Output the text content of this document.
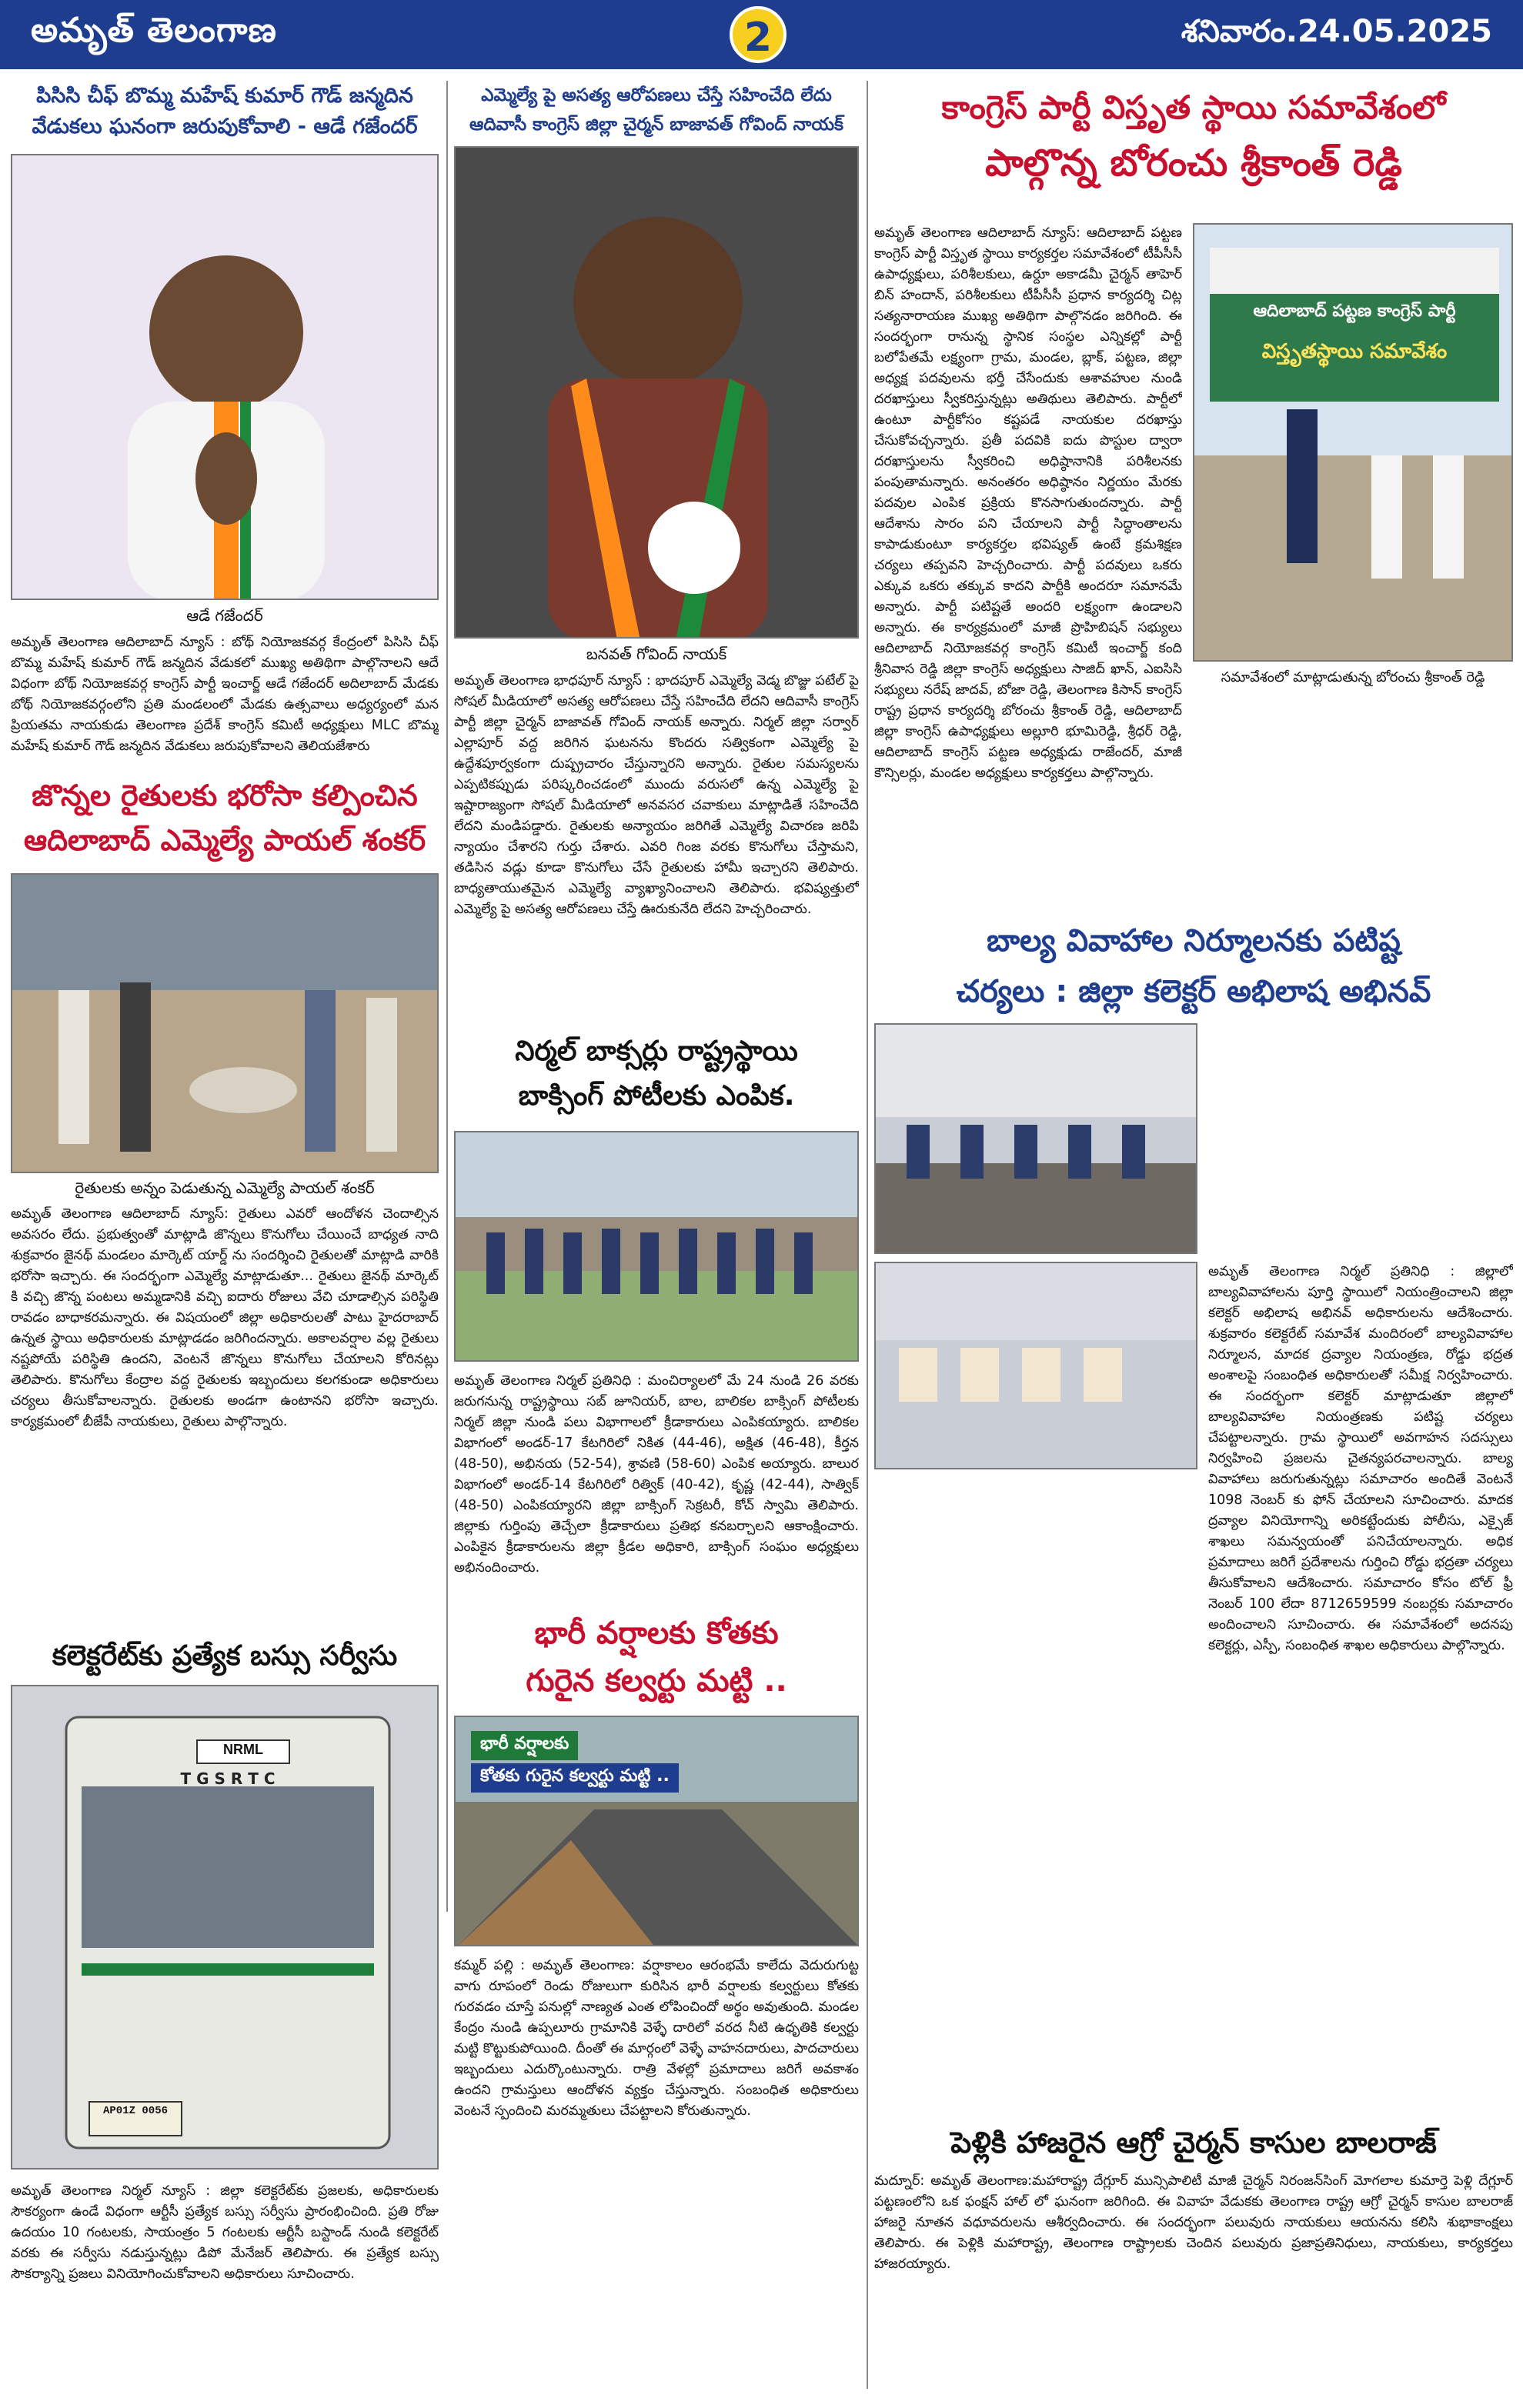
అమృత్ తెలంగాణ	2	శనివారం.24.05.2025
పిసిసి చీఫ్ బొమ్మ మహేష్ కుమార్ గౌడ్ జన్మదిన
వేడుకలు ఘనంగా జరుపుకోవాలి - ఆడే గజేందర్
ఆడే గజేందర్
అమృత్ తెలంగాణ ఆదిలాబాద్ న్యూస్ : బోథ్ నియోజకవర్గ కేంద్రంలో పిసిసి చీఫ్ బొమ్మ మహేష్ కుమార్ గౌడ్ జన్మదిన వేడుకలో ముఖ్య అతిథిగా పాల్గొనాలని ఆదే విధంగా బోథ్ నియోజకవర్గ కాంగ్రెస్ పార్టీ ఇంచార్జ్ ఆడే గజేందర్ అదిలాబాద్ మేడకు బోథ్ నియోజకవర్గంలోని ప్రతి మండలంలో మేడకు ఉత్సవాలు అధ్యర్యంలో మన ప్రియతమ నాయకుడు తెలంగాణ ప్రదేశ్ కాంగ్రెస్ కమిటీ అధ్యక్షులు MLC బొమ్మ మహేష్ కుమార్ గౌడ్ జన్మదిన వేడుకలు జరుపుకోవాలని తెలియజేశారు
జొన్నల రైతులకు భరోసా కల్పించిన
ఆదిలాబాద్ ఎమ్మెల్యే పాయల్ శంకర్
రైతులకు అన్నం పెడుతున్న ఎమ్మెల్యే పాయల్ శంకర్
అమృత్ తెలంగాణ ఆదిలాబాద్ న్యూస్: రైతులు ఎవరో ఆందోళన చెందాల్సిన అవసరం లేదు. ప్రభుత్వంతో మాట్లాడి జొన్నలు కొనుగోలు చేయించే బాధ్యత నాది శుక్రవారం జైనథ్ మండలం మార్కెట్ యార్డ్ ను సందర్శించి రైతులతో మాట్లాడి వారికి భరోసా ఇచ్చారు. ఈ సందర్భంగా ఎమ్మెల్యే మాట్లాడుతూ... రైతులు జైనథ్ మార్కెట్ కి వచ్చి జొన్న పంటలు అమ్మడానికి వచ్చి ఐదారు రోజులు వేచి చూడాల్సిన పరిస్థితి రావడం బాధాకరమన్నారు. ఈ విషయంలో జిల్లా అధికారులతో పాటు హైదరాబాద్ ఉన్నత స్థాయి అధికారులకు మాట్లాడడం జరిగిందన్నారు. అకాలవర్షాల వల్ల రైతులు నష్టపోయే పరిస్థితి ఉందని, వెంటనే జొన్నలు కొనుగోలు చేయాలని కోరినట్లు తెలిపారు. కొనుగోలు కేంద్రాల వద్ద రైతులకు ఇబ్బందులు కలగకుండా అధికారులు చర్యలు తీసుకోవాలన్నారు. రైతులకు అండగా ఉంటానని భరోసా ఇచ్చారు. కార్యక్రమంలో బీజేపీ నాయకులు, రైతులు పాల్గొన్నారు.
కలెక్టరేట్‌కు ప్రత్యేక బస్సు సర్వీసు
NRML
T G S R T C
AP01Z 0056
అమృత్ తెలంగాణ నిర్మల్ న్యూస్ : జిల్లా కలెక్టరేట్‌కు ప్రజలకు, అధికారులకు సౌకర్యంగా ఉండే విధంగా ఆర్టీసీ ప్రత్యేక బస్సు సర్వీసు ప్రారంభించింది. ప్రతి రోజు ఉదయం 10 గంటలకు, సాయంత్రం 5 గంటలకు ఆర్టీసీ బస్టాండ్ నుండి కలెక్టరేట్ వరకు ఈ సర్వీసు నడుస్తున్నట్లు డిపో మేనేజర్ తెలిపారు. ఈ ప్రత్యేక బస్సు సౌకర్యాన్ని ప్రజలు వినియోగించుకోవాలని అధికారులు సూచించారు.
ఎమ్మెల్యే పై అసత్య ఆరోపణలు చేస్తే సహించేది లేదు
ఆదివాసీ కాంగ్రెస్ జిల్లా చైర్మన్ బాజావత్ గోవింద్ నాయక్
బనవత్ గోవింద్ నాయక్
అమృత్ తెలంగాణ భాధపూర్ న్యూస్ : భాదపూర్ ఎమ్మెల్యే వెడ్మ బొజ్జు పటేల్ పై సోషల్ మీడియాలో అసత్య ఆరోపణలు చేస్తే సహించేది లేదని ఆదివాసీ కాంగ్రెస్ పార్టీ జిల్లా చైర్మన్ బాజావత్ గోవింద్ నాయక్ అన్నారు. నిర్మల్ జిల్లా సర్వార్ ఎల్లాపూర్ వద్ద జరిగిన ఘటనను కొందరు సత్వికంగా ఎమ్మెల్యే పై ఉద్దేశపూర్వకంగా దుష్ప్రచారం చేస్తున్నారని అన్నారు. రైతుల సమస్యలను ఎప్పటికప్పుడు పరిష్కరించడంలో ముందు వరుసలో ఉన్న ఎమ్మెల్యే పై ఇష్టారాజ్యంగా సోషల్ మీడియాలో అనవసర చవాకులు మాట్లాడితే సహించేది లేదని మండిపడ్డారు. రైతులకు అన్యాయం జరిగితే ఎమ్మెల్యే విచారణ జరిపి న్యాయం చేశారని గుర్తు చేశారు. ఎవరి గింజ వరకు కొనుగోలు చేస్తామని, తడిసిన వడ్లు కూడా కొనుగోలు చేసే రైతులకు హామీ ఇచ్చారని తెలిపారు. బాధ్యతాయుతమైన ఎమ్మెల్యే వ్యాఖ్యానించాలని తెలిపారు. భవిష్యత్తులో ఎమ్మెల్యే పై అసత్య ఆరోపణలు చేస్తే ఊరుకునేది లేదని హెచ్చరించారు.
నిర్మల్ బాక్సర్లు రాష్ట్రస్థాయి
బాక్సింగ్ పోటీలకు ఎంపిక.
అమృత్ తెలంగాణ నిర్మల్ ప్రతినిధి : మంచిర్యాలలో మే 24 నుండి 26 వరకు జరుగనున్న రాష్ట్రస్థాయి సబ్ జూనియర్, బాల, బాలికల బాక్సింగ్ పోటీలకు నిర్మల్ జిల్లా నుండి పలు విభాగాలలో క్రీడాకారులు ఎంపికయ్యారు. బాలికల విభాగంలో అండర్-17 కేటగిరిలో నికిత (44-46), అక్షిత (46-48), కీర్తన (48-50), అభినయ (52-54), శ్రావణి (58-60) ఎంపిక అయ్యారు. బాలుర విభాగంలో అండర్-14 కేటగిరిలో రిత్విక్ (40-42), కృష్ణ (42-44), సాత్విక్ (48-50) ఎంపికయ్యారని జిల్లా బాక్సింగ్ సెక్రటరీ, కోచ్ స్వామి తెలిపారు. జిల్లాకు గుర్తింపు తెచ్చేలా క్రీడాకారులు ప్రతిభ కనబర్చాలని ఆకాంక్షించారు. ఎంపికైన క్రీడాకారులను జిల్లా క్రీడల అధికారి, బాక్సింగ్ సంఘం అధ్యక్షులు అభినందించారు.
భారీ వర్షాలకు కోతకు
గురైన కల్వర్టు మట్టి ..
భారీ వర్షాలకు
కోతకు గురైన కల్వర్టు మట్టి ..
కమ్మర్ పల్లి : అమృత్ తెలంగాణ: వర్షాకాలం ఆరంభమే కాలేదు వెదురుగుట్ట వాగు రూపంలో రెండు రోజులుగా కురిసిన భారీ వర్షాలకు కల్వర్టులు కోతకు గురవడం చూస్తే పనుల్లో నాణ్యత ఎంత లోపించిందో అర్థం అవుతుంది. మండల కేంద్రం నుండి ఉప్పలూరు గ్రామానికి వెళ్ళే దారిలో వరద నీటి ఉధృతికి కల్వర్టు మట్టి కొట్టుకుపోయింది. దీంతో ఈ మార్గంలో వెళ్ళే వాహనదారులు, పాదచారులు ఇబ్బందులు ఎదుర్కొంటున్నారు. రాత్రి వేళల్లో ప్రమాదాలు జరిగే అవకాశం ఉందని గ్రామస్తులు ఆందోళన వ్యక్తం చేస్తున్నారు. సంబంధిత అధికారులు వెంటనే స్పందించి మరమ్మతులు చేపట్టాలని కోరుతున్నారు.
కాంగ్రెస్ పార్టీ విస్తృత స్థాయి సమావేశంలో
పాల్గొన్న బోరంచు శ్రీకాంత్ రెడ్డి
అమృత్ తెలంగాణ ఆదిలాబాద్ న్యూస్: ఆదిలాబాద్ పట్టణ కాంగ్రెస్ పార్టీ విస్తృత స్థాయి కార్యకర్తల సమావేశంలో టీపీసీసీ ఉపాధ్యక్షులు, పరిశీలకులు, ఉర్దూ అకాడమీ చైర్మన్ తాహెర్ బిన్ హందాన్, పరిశీలకులు టీపీసీసీ ప్రధాన కార్యదర్శి చిట్ల సత్యనారాయణ ముఖ్య అతిథిగా పాల్గొనడం జరిగింది. ఈ సందర్భంగా రానున్న స్థానిక సంస్థల ఎన్నికల్లో పార్టీ బలోపేతమే లక్ష్యంగా గ్రామ, మండల, బ్లాక్, పట్టణ, జిల్లా అధ్యక్ష పదవులను భర్తీ చేసేందుకు ఆశావహుల నుండి దరఖాస్తులు స్వీకరిస్తున్నట్లు అతిథులు తెలిపారు. పార్టీలో ఉంటూ పార్టీకోసం కష్టపడే నాయకుల దరఖాస్తు చేసుకోవచ్చన్నారు. ప్రతీ పదవికి ఐదు పొస్టుల ద్వారా దరఖాస్తులను స్వీకరించి అధిష్ఠానానికి పరిశీలనకు పంపుతామన్నారు. అనంతరం అధిష్ఠానం నిర్ణయం మేరకు పదవుల ఎంపిక ప్రక్రియ కొనసాగుతుందన్నారు. పార్టీ ఆదేశాను సారం పని చేయాలని పార్టీ సిద్ధాంతాలను కాపాడుకుంటూ కార్యకర్తల భవిష్యత్ ఉంటే క్రమశిక్షణ చర్యలు తప్పవని హెచ్చరించారు. పార్టీ పదవులు ఒకరు ఎక్కువ ఒకరు తక్కువ కాదని పార్టీకి అందరూ సమానమే అన్నారు. పార్టీ పటిష్టతే అందరి లక్ష్యంగా ఉండాలని అన్నారు. ఈ కార్యక్రమంలో మాజీ ప్రొహిబిషన్ సభ్యులు ఆదిలాబాద్ నియోజకవర్గ కాంగ్రెస్ కమిటీ ఇంచార్జ్ కంది శ్రీనివాస రెడ్డి జిల్లా కాంగ్రెస్ అధ్యక్షులు సాజిద్ ఖాన్, ఎఐసిసి సభ్యులు నరేష్ జాదవ్, బోజా రెడ్డి, తెలంగాణ కిసాన్ కాంగ్రెస్ రాష్ట్ర ప్రధాన కార్యదర్శి బోరంచు శ్రీకాంత్ రెడ్డి, ఆదిలాబాద్ జిల్లా కాంగ్రెస్ ఉపాధ్యక్షులు అల్లూరి భూమిరెడ్డి, శ్రీధర్ రెడ్డి, ఆదిలాబాద్ కాంగ్రెస్ పట్టణ అధ్యక్షుడు రాజేందర్, మాజీ కౌన్సిలర్లు, మండల అధ్యక్షులు కార్యకర్తలు పాల్గొన్నారు.
ఆదిలాబాద్ పట్టణ కాంగ్రెస్ పార్టీ
విస్తృతస్థాయి సమావేశం
సమావేశంలో మాట్లాడుతున్న బోరంచు శ్రీకాంత్ రెడ్డి
బాల్య వివాహాల నిర్మూలనకు పటిష్ట
చర్యలు : జిల్లా కలెక్టర్ అభిలాష అభినవ్
అమృత్ తెలంగాణ నిర్మల్ ప్రతినిధి : జిల్లాలో బాల్యవివాహాలను పూర్తి స్థాయిలో నియంత్రించాలని జిల్లా కలెక్టర్ అభిలాష అభినవ్ అధికారులను ఆదేశించారు. శుక్రవారం కలెక్టరేట్ సమావేశ మందిరంలో బాల్యవివాహాల నిర్మూలన, మాదక ద్రవ్యాల నియంత్రణ, రోడ్డు భద్రత అంశాలపై సంబంధిత అధికారులతో సమీక్ష నిర్వహించారు. ఈ సందర్భంగా కలెక్టర్ మాట్లాడుతూ జిల్లాలో బాల్యవివాహాల నియంత్రణకు పటిష్ట చర్యలు చేపట్టాలన్నారు. గ్రామ స్థాయిలో అవగాహన సదస్సులు నిర్వహించి ప్రజలను చైతన్యపరచాలన్నారు. బాల్య వివాహాలు జరుగుతున్నట్లు సమాచారం అందితే వెంటనే 1098 నెంబర్ కు ఫోన్ చేయాలని సూచించారు. మాదక ద్రవ్యాల వినియోగాన్ని అరికట్టేందుకు పోలీసు, ఎక్సైజ్ శాఖలు సమన్వయంతో పనిచేయాలన్నారు. అధిక ప్రమాదాలు జరిగే ప్రదేశాలను గుర్తించి రోడ్డు భద్రతా చర్యలు తీసుకోవాలని ఆదేశించారు. సమాచారం కోసం టోల్ ఫ్రీ నెంబర్ 100 లేదా 8712659599 నంబర్లకు సమాచారం అందించాలని సూచించారు. ఈ సమావేశంలో అదనపు కలెక్టర్లు, ఎస్పీ, సంబంధిత శాఖల అధికారులు పాల్గొన్నారు.
పెళ్లికి హాజరైన ఆగ్రో చైర్మన్ కాసుల బాలరాజ్
మద్నూర్: అమృత్ తెలంగాణ:మహారాష్ట్ర దేగ్లూర్ మున్సిపాలిటీ మాజీ చైర్మన్ నిరంజన్‌సింగ్ మోగలాల కుమార్తె పెళ్లి దేగ్లూర్ పట్టణంలోని ఒక ఫంక్షన్ హాల్ లో ఘనంగా జరిగింది. ఈ వివాహ వేడుకకు తెలంగాణ రాష్ట్ర ఆగ్రో చైర్మన్ కాసుల బాలరాజ్ హాజరై నూతన వధూవరులను ఆశీర్వదించారు. ఈ సందర్భంగా పలువురు నాయకులు ఆయనను కలిసి శుభాకాంక్షలు తెలిపారు. ఈ పెళ్లికి మహారాష్ట్ర, తెలంగాణ రాష్ట్రాలకు చెందిన పలువురు ప్రజాప్రతినిధులు, నాయకులు, కార్యకర్తలు హాజరయ్యారు.
